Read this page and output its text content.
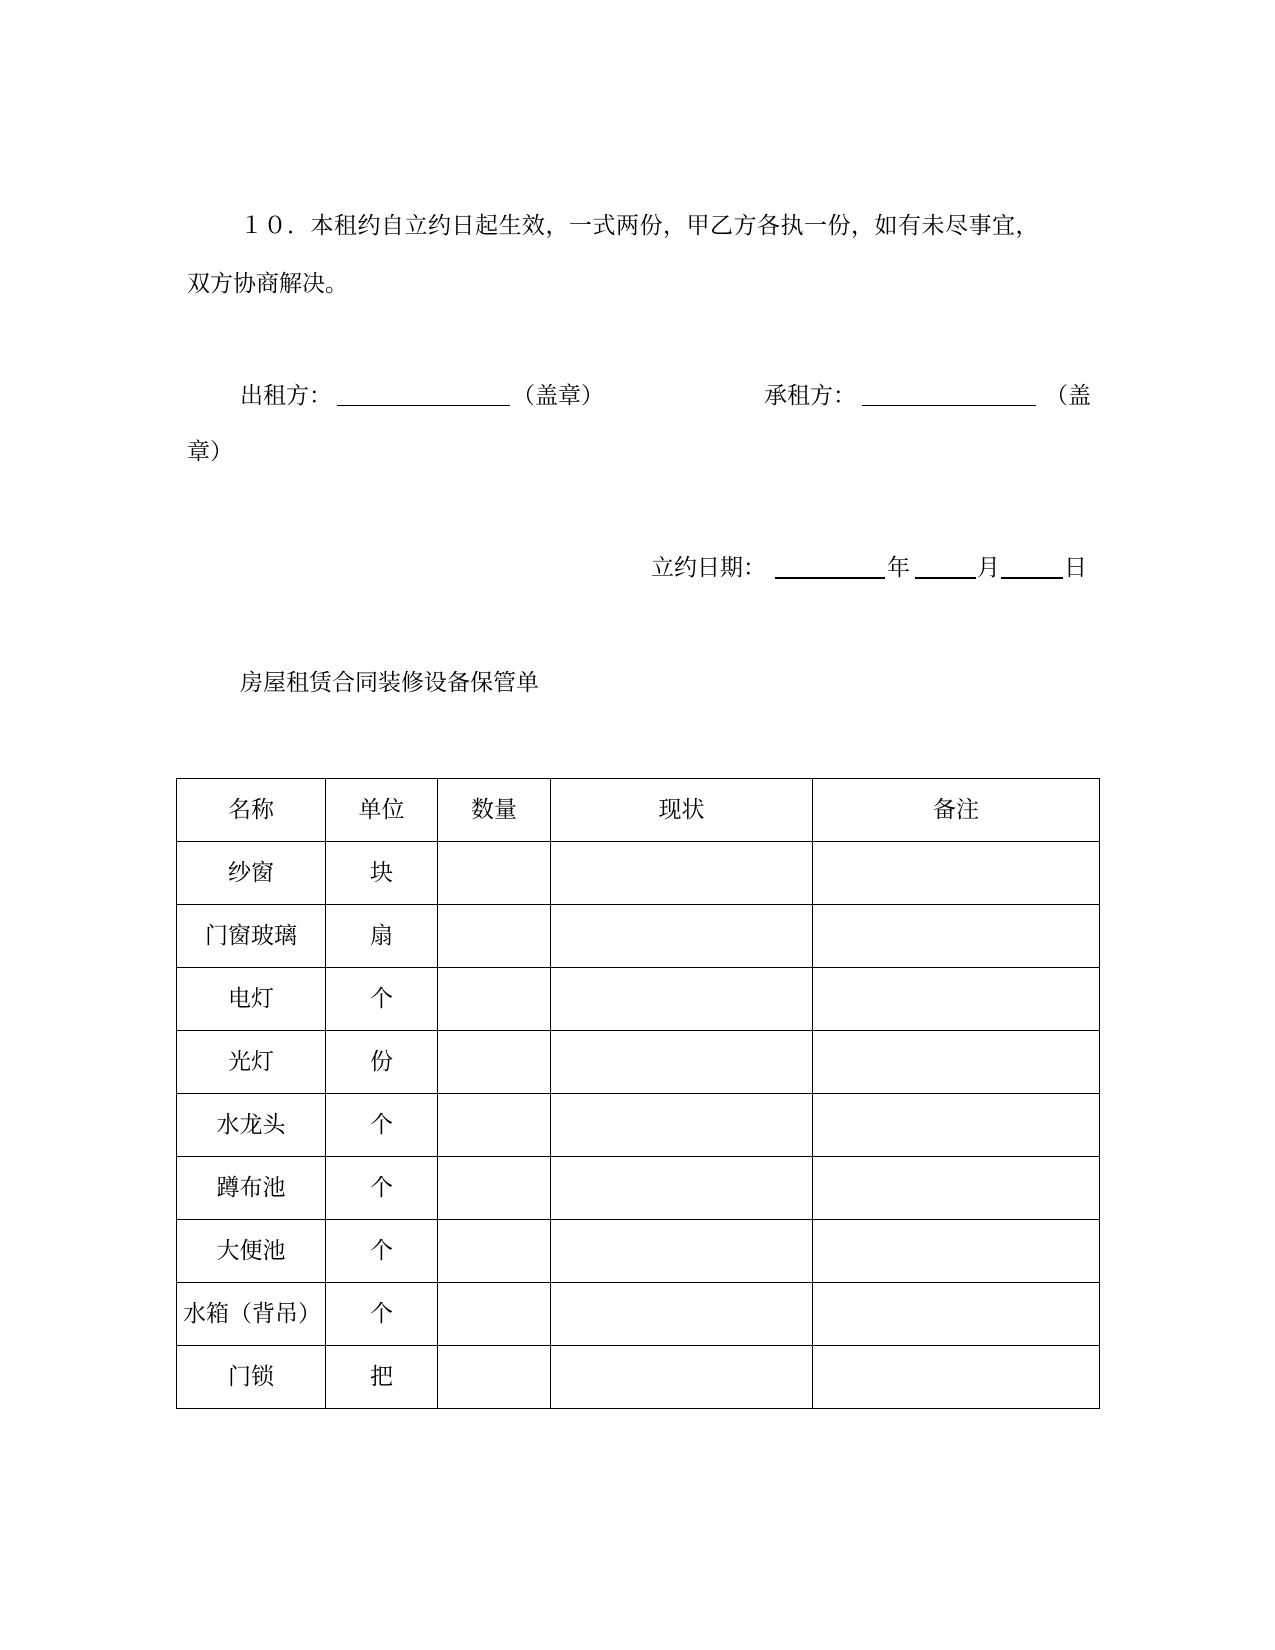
１０．本租约自立约日起生效，一式两份，甲乙方各执一份，如有未尽事宜，
双方协商解决。
出租方：	（盖章）	承租方：	（盖
章）
立约日期：	年	月	日
房屋租赁合同装修设备保管单
名称	单位	数量	现状	备注
纱窗	块			
门窗玻璃	扇			
电灯	个			
光灯	份			
水龙头	个			
蹲布池	个			
大便池	个			
水箱（背吊）	个			
门锁	把			
